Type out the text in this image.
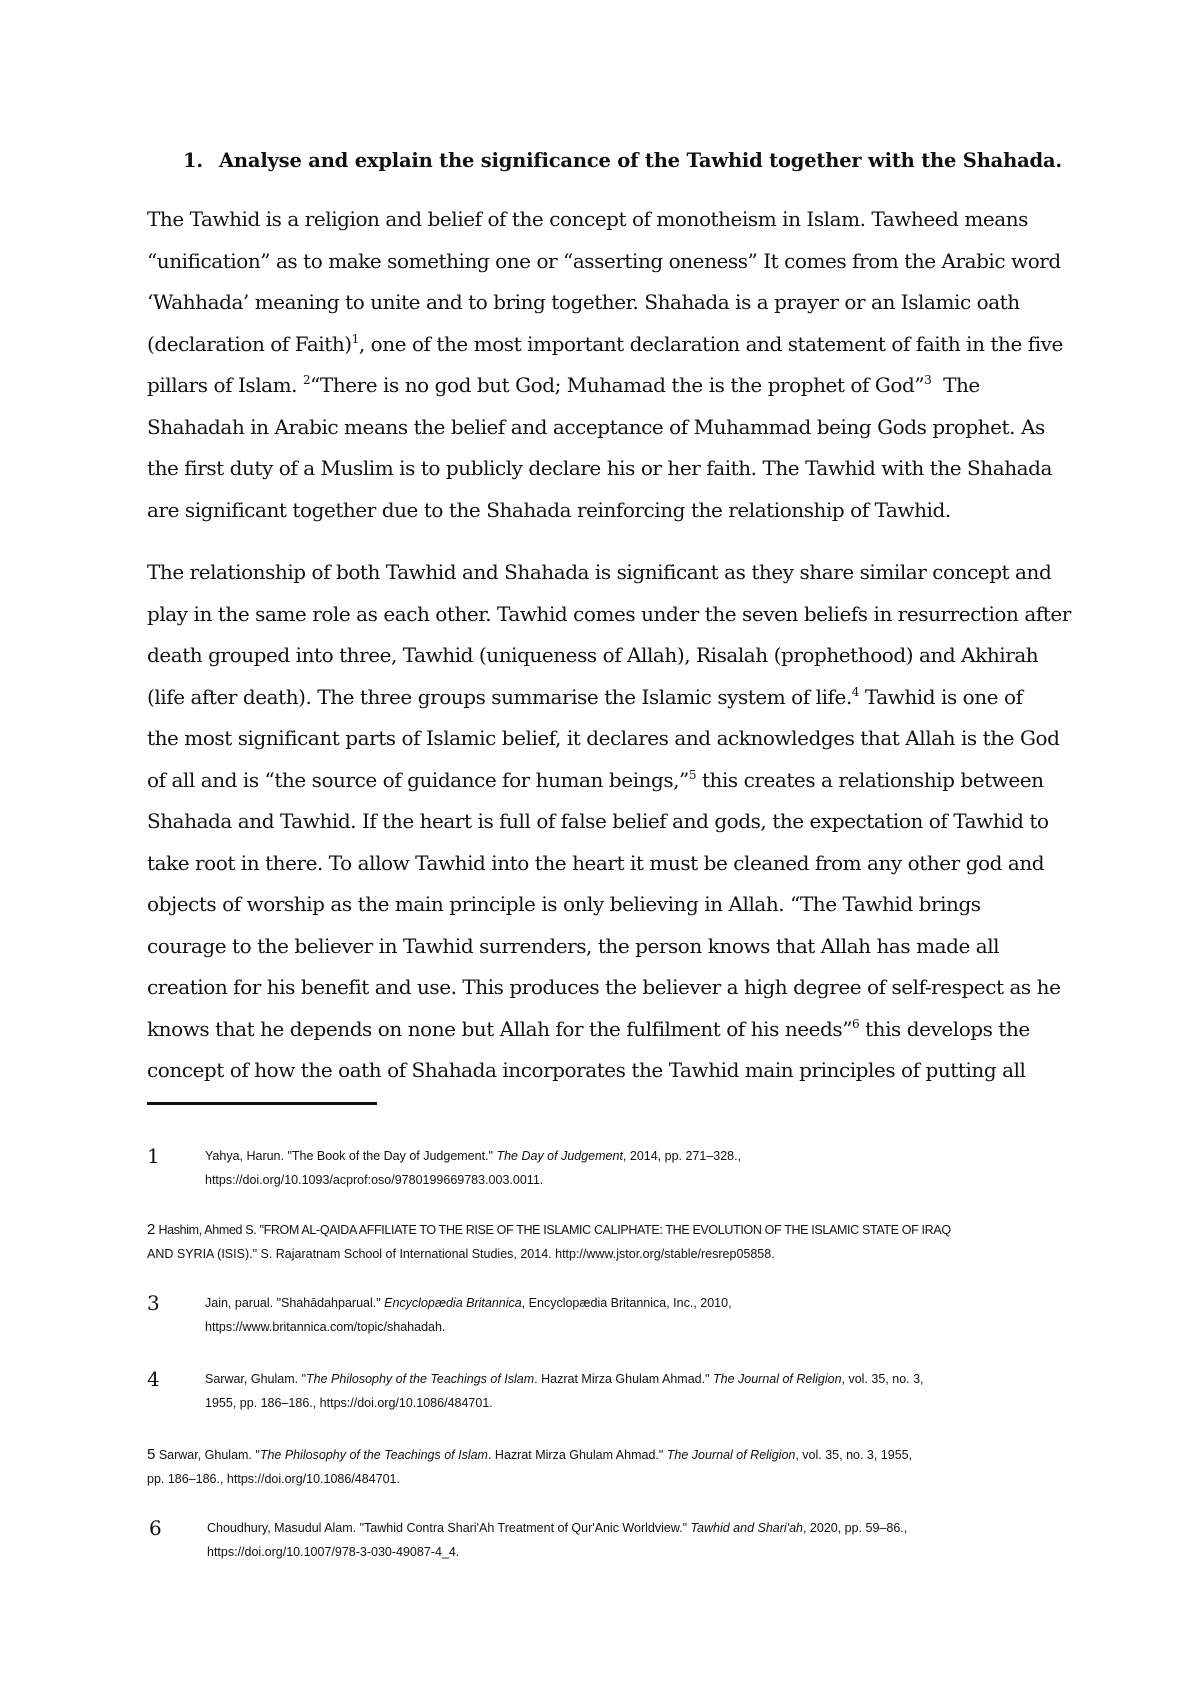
1. Analyse and explain the significance of the Tawhid together with the Shahada.
The Tawhid is a religion and belief of the concept of monotheism in Islam. Tawheed means
“unification” as to make something one or “asserting oneness” It comes from the Arabic word
‘Wahhada’ meaning to unite and to bring together. Shahada is a prayer or an Islamic oath
(declaration of Faith)$^1$, one of the most important declaration and statement of faith in the five
pillars of Islam. $^2$“There is no god but God; Muhamad the is the prophet of God”$^3$  The
Shahadah in Arabic means the belief and acceptance of Muhammad being Gods prophet. As
the first duty of a Muslim is to publicly declare his or her faith. The Tawhid with the Shahada
are significant together due to the Shahada reinforcing the relationship of Tawhid.
The relationship of both Tawhid and Shahada is significant as they share similar concept and
play in the same role as each other. Tawhid comes under the seven beliefs in resurrection after
death grouped into three, Tawhid (uniqueness of Allah), Risalah (prophethood) and Akhirah
(life after death). The three groups summarise the Islamic system of life.$^4$ Tawhid is one of
the most significant parts of Islamic belief, it declares and acknowledges that Allah is the God
of all and is “the source of guidance for human beings,”$^5$ this creates a relationship between
Shahada and Tawhid. If the heart is full of false belief and gods, the expectation of Tawhid to
take root in there. To allow Tawhid into the heart it must be cleaned from any other god and
objects of worship as the main principle is only believing in Allah. “The Tawhid brings
courage to the believer in Tawhid surrenders, the person knows that Allah has made all
creation for his benefit and use. This produces the believer a high degree of self-respect as he
knows that he depends on none but Allah for the fulfilment of his needs”$^6$ this develops the
concept of how the oath of Shahada incorporates the Tawhid main principles of putting all
1	Yahya, Harun. "The Book of the Day of Judgement." The Day of Judgement, 2014, pp. 271–328.,
https://doi.org/10.1093/acprof:oso/9780199669783.003.0011.
2 Hashim, Ahmed S. "FROM AL-QAIDA AFFILIATE TO THE RISE OF THE ISLAMIC CALIPHATE: THE EVOLUTION OF THE ISLAMIC STATE OF IRAQ
AND SYRIA (ISIS)." S. Rajaratnam School of International Studies, 2014. http://www.jstor.org/stable/resrep05858.
3	Jain, parual. "Shahādahparual." Encyclopædia Britannica, Encyclopædia Britannica, Inc., 2010,
https://www.britannica.com/topic/shahadah.
4	Sarwar, Ghulam. "The Philosophy of the Teachings of Islam. Hazrat Mirza Ghulam Ahmad." The Journal of Religion, vol. 35, no. 3,
1955, pp. 186–186., https://doi.org/10.1086/484701.
5 Sarwar, Ghulam. "The Philosophy of the Teachings of Islam. Hazrat Mirza Ghulam Ahmad." The Journal of Religion, vol. 35, no. 3, 1955,
pp. 186–186., https://doi.org/10.1086/484701.
6	Choudhury, Masudul Alam. "Tawhid Contra Shari'Ah Treatment of Qur'Anic Worldview." Tawhid and Shari'ah, 2020, pp. 59–86.,
https://doi.org/10.1007/978-3-030-49087-4_4.
